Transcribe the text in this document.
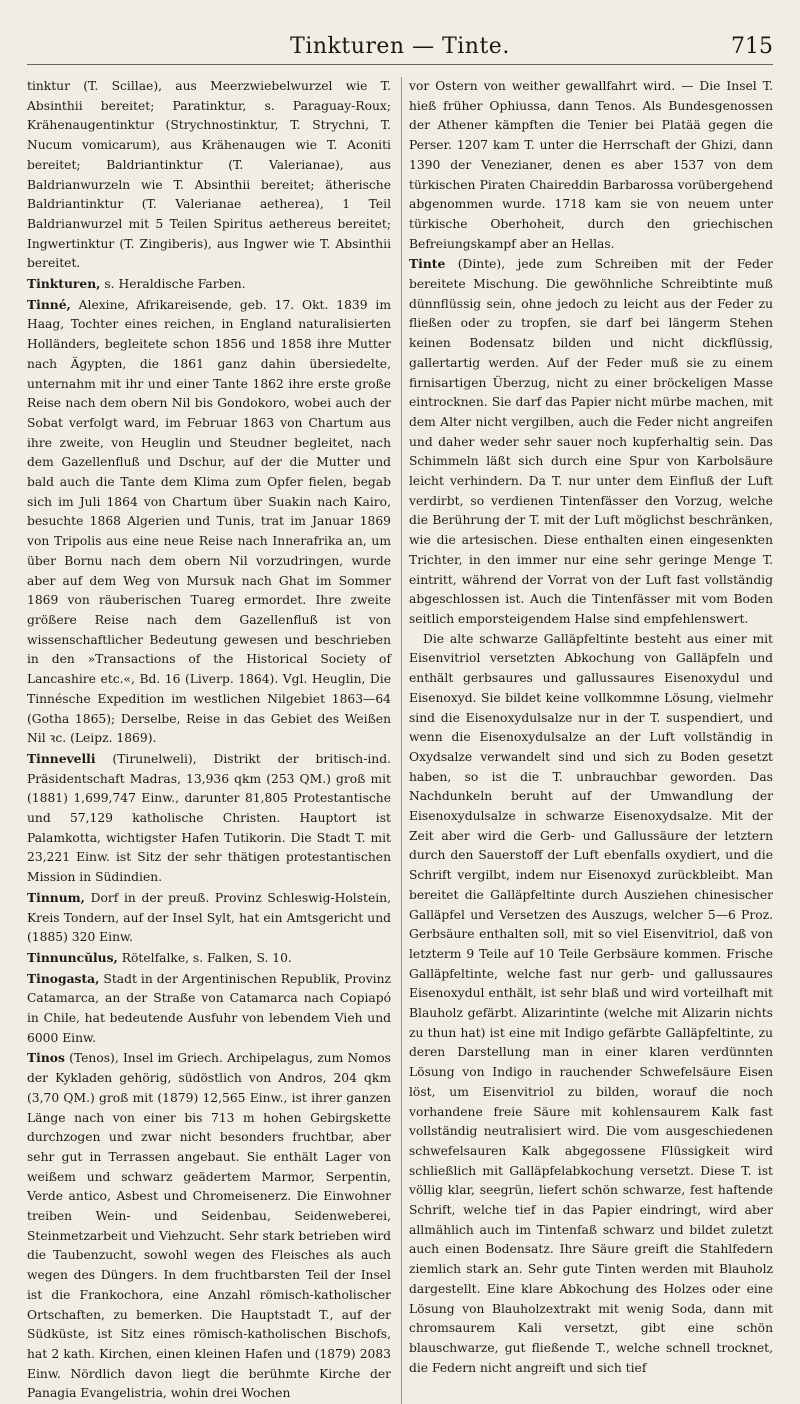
Tinkturen — Tinte.	715

tinktur (T. Scillae), aus Meerzwiebelwurzel wie T. Absinthii bereitet; Paratinktur, s. Paraguay-Roux; Krähenaugentinktur (Strychnostinktur, T. Strychni, T. Nucum vomicarum), aus Krähenaugen wie T. Aconiti bereitet; Baldriantinktur (T. Valerianae), aus Baldrianwurzeln wie T. Absinthii bereitet; ätherische Baldriantinktur (T. Valerianae aetherea), 1 Teil Baldrianwurzel mit 5 Teilen Spiritus aethereus bereitet; Ingwertinktur (T. Zingiberis), aus Ingwer wie T. Absinthii bereitet.

Tinkturen, s. Heraldische Farben.

Tinné, Alexine, Afrikareisende, geb. 17. Okt. 1839 im Haag, Tochter eines reichen, in England naturalisierten Holländers, begleitete schon 1856 und 1858 ihre Mutter nach Ägypten, die 1861 ganz dahin übersiedelte, unternahm mit ihr und einer Tante 1862 ihre erste große Reise nach dem obern Nil bis Gondokoro, wobei auch der Sobat verfolgt ward, im Februar 1863 von Chartum aus ihre zweite, von Heuglin und Steudner begleitet, nach dem Gazellenfluß und Dschur, auf der die Mutter und bald auch die Tante dem Klima zum Opfer fielen, begab sich im Juli 1864 von Chartum über Suakin nach Kairo, besuchte 1868 Algerien und Tunis, trat im Januar 1869 von Tripolis aus eine neue Reise nach Innerafrika an, um über Bornu nach dem obern Nil vorzudringen, wurde aber auf dem Weg von Mursuk nach Ghat im Sommer 1869 von räuberischen Tuareg ermordet. Ihre zweite größere Reise nach dem Gazellenfluß ist von wissenschaftlicher Bedeutung gewesen und beschrieben in den »Transactions of the Historical Society of Lancashire etc.«, Bd. 16 (Liverp. 1864). Vgl. Heuglin, Die Tinnésche Expedition im westlichen Nilgebiet 1863—64 (Gotha 1865); Derselbe, Reise in das Gebiet des Weißen Nil ꝛc. (Leipz. 1869).

Tinnevelli (Tirunelweli), Distrikt der britisch-ind. Präsidentschaft Madras, 13,936 qkm (253 QM.) groß mit (1881) 1,699,747 Einw., darunter 81,805 Protestantische und 57,129 katholische Christen. Hauptort ist Palamkotta, wichtigster Hafen Tutikorin. Die Stadt T. mit 23,221 Einw. ist Sitz der sehr thätigen protestantischen Mission in Südindien.

Tinnum, Dorf in der preuß. Provinz Schleswig-Holstein, Kreis Tondern, auf der Insel Sylt, hat ein Amtsgericht und (1885) 320 Einw.

Tinnuncŭlus, Rötelfalke, s. Falken, S. 10.

Tinogasta, Stadt in der Argentinischen Republik, Provinz Catamarca, an der Straße von Catamarca nach Copiapó in Chile, hat bedeutende Ausfuhr von lebendem Vieh und 6000 Einw.

Tinos (Tenos), Insel im Griech. Archipelagus, zum Nomos der Kykladen gehörig, südöstlich von Andros, 204 qkm (3,70 QM.) groß mit (1879) 12,565 Einw., ist ihrer ganzen Länge nach von einer bis 713 m hohen Gebirgskette durchzogen und zwar nicht besonders fruchtbar, aber sehr gut in Terrassen angebaut. Sie enthält Lager von weißem und schwarz geädertem Marmor, Serpentin, Verde antico, Asbest und Chromeisenerz. Die Einwohner treiben Wein- und Seidenbau, Seidenweberei, Steinmetzarbeit und Viehzucht. Sehr stark betrieben wird die Taubenzucht, sowohl wegen des Fleisches als auch wegen des Düngers. In dem fruchtbarsten Teil der Insel ist die Frankochora, eine Anzahl römisch-katholischer Ortschaften, zu bemerken. Die Hauptstadt T., auf der Südküste, ist Sitz eines römisch-katholischen Bischofs, hat 2 kath. Kirchen, einen kleinen Hafen und (1879) 2083 Einw. Nördlich davon liegt die berühmte Kirche der Panagia Evangelistria, wohin drei Wochen

vor Ostern von weither gewallfahrt wird. — Die Insel T. hieß früher Ophiussa, dann Tenos. Als Bundesgenossen der Athener kämpften die Tenier bei Platää gegen die Perser. 1207 kam T. unter die Herrschaft der Ghizi, dann 1390 der Venezianer, denen es aber 1537 von dem türkischen Piraten Chaireddin Barbarossa vorübergehend abgenommen wurde. 1718 kam sie von neuem unter türkische Oberhoheit, durch den griechischen Befreiungskampf aber an Hellas.

Tinte (Dinte), jede zum Schreiben mit der Feder bereitete Mischung. Die gewöhnliche Schreibtinte muß dünnflüssig sein, ohne jedoch zu leicht aus der Feder zu fließen oder zu tropfen, sie darf bei längerm Stehen keinen Bodensatz bilden und nicht dickflüssig, gallertartig werden. Auf der Feder muß sie zu einem firnisartigen Überzug, nicht zu einer bröckeligen Masse eintrocknen. Sie darf das Papier nicht mürbe machen, mit dem Alter nicht vergilben, auch die Feder nicht angreifen und daher weder sehr sauer noch kupferhaltig sein. Das Schimmeln läßt sich durch eine Spur von Karbolsäure leicht verhindern. Da T. nur unter dem Einfluß der Luft verdirbt, so verdienen Tintenfässer den Vorzug, welche die Berührung der T. mit der Luft möglichst beschränken, wie die artesischen. Diese enthalten einen eingesenkten Trichter, in den immer nur eine sehr geringe Menge T. eintritt, während der Vorrat von der Luft fast vollständig abgeschlossen ist. Auch die Tintenfässer mit vom Boden seitlich emporsteigendem Halse sind empfehlenswert.

Die alte schwarze Galläpfeltinte besteht aus einer mit Eisenvitriol versetzten Abkochung von Galläpfeln und enthält gerbsaures und gallussaures Eisenoxydul und Eisenoxyd. Sie bildet keine vollkommne Lösung, vielmehr sind die Eisenoxydulsalze nur in der T. suspendiert, und wenn die Eisenoxydulsalze an der Luft vollständig in Oxydsalze verwandelt sind und sich zu Boden gesetzt haben, so ist die T. unbrauchbar geworden. Das Nachdunkeln beruht auf der Umwandlung der Eisenoxydulsalze in schwarze Eisenoxydsalze. Mit der Zeit aber wird die Gerb- und Gallussäure der letztern durch den Sauerstoff der Luft ebenfalls oxydiert, und die Schrift vergilbt, indem nur Eisenoxyd zurückbleibt. Man bereitet die Galläpfeltinte durch Ausziehen chinesischer Galläpfel und Versetzen des Auszugs, welcher 5—6 Proz. Gerbsäure enthalten soll, mit so viel Eisenvitriol, daß von letzterm 9 Teile auf 10 Teile Gerbsäure kommen. Frische Galläpfeltinte, welche fast nur gerb- und gallussaures Eisenoxydul enthält, ist sehr blaß und wird vorteilhaft mit Blauholz gefärbt. Alizarintinte (welche mit Alizarin nichts zu thun hat) ist eine mit Indigo gefärbte Galläpfeltinte, zu deren Darstellung man in einer klaren verdünnten Lösung von Indigo in rauchender Schwefelsäure Eisen löst, um Eisenvitriol zu bilden, worauf die noch vorhandene freie Säure mit kohlensaurem Kalk fast vollständig neutralisiert wird. Die vom ausgeschiedenen schwefelsauren Kalk abgegossene Flüssigkeit wird schließlich mit Galläpfelabkochung versetzt. Diese T. ist völlig klar, seegrün, liefert schön schwarze, fest haftende Schrift, welche tief in das Papier eindringt, wird aber allmählich auch im Tintenfaß schwarz und bildet zuletzt auch einen Bodensatz. Ihre Säure greift die Stahlfedern ziemlich stark an. Sehr gute Tinten werden mit Blauholz dargestellt. Eine klare Abkochung des Holzes oder eine Lösung von Blauholzextrakt mit wenig Soda, dann mit chromsaurem Kali versetzt, gibt eine schön blauschwarze, gut fließende T., welche schnell trocknet, die Federn nicht angreift und sich tief
